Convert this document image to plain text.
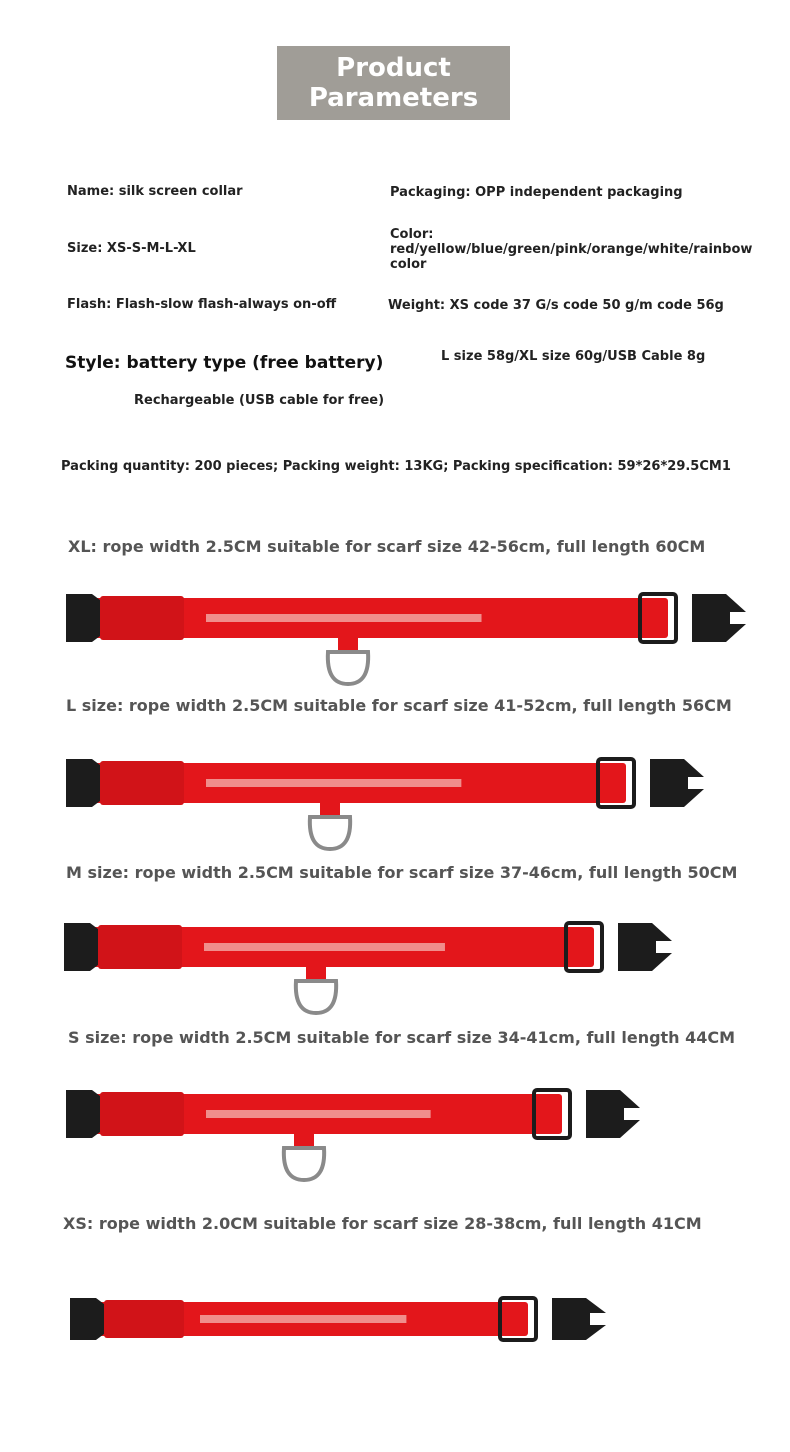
Product
Parameters
Name: silk screen collar	Packaging: OPP independent packaging
Size: XS-S-M-L-XL
Color:
red/yellow/blue/green/pink/orange/white/rainbow
color
Flash: Flash-slow flash-always on-off	Weight: XS code 37 G/s code 50 g/m code 56g
Style: battery type (free battery)	L size 58g/XL size 60g/USB Cable 8g
Rechargeable (USB cable for free)
Packing quantity: 200 pieces; Packing weight: 13KG; Packing specification: 59*26*29.5CM1
XL: rope width 2.5CM suitable for scarf size 42-56cm, full length 60CM
L size: rope width 2.5CM suitable for scarf size 41-52cm, full length 56CM
M size: rope width 2.5CM suitable for scarf size 37-46cm, full length 50CM
S size: rope width 2.5CM suitable for scarf size 34-41cm, full length 44CM
XS: rope width 2.0CM suitable for scarf size 28-38cm, full length 41CM
